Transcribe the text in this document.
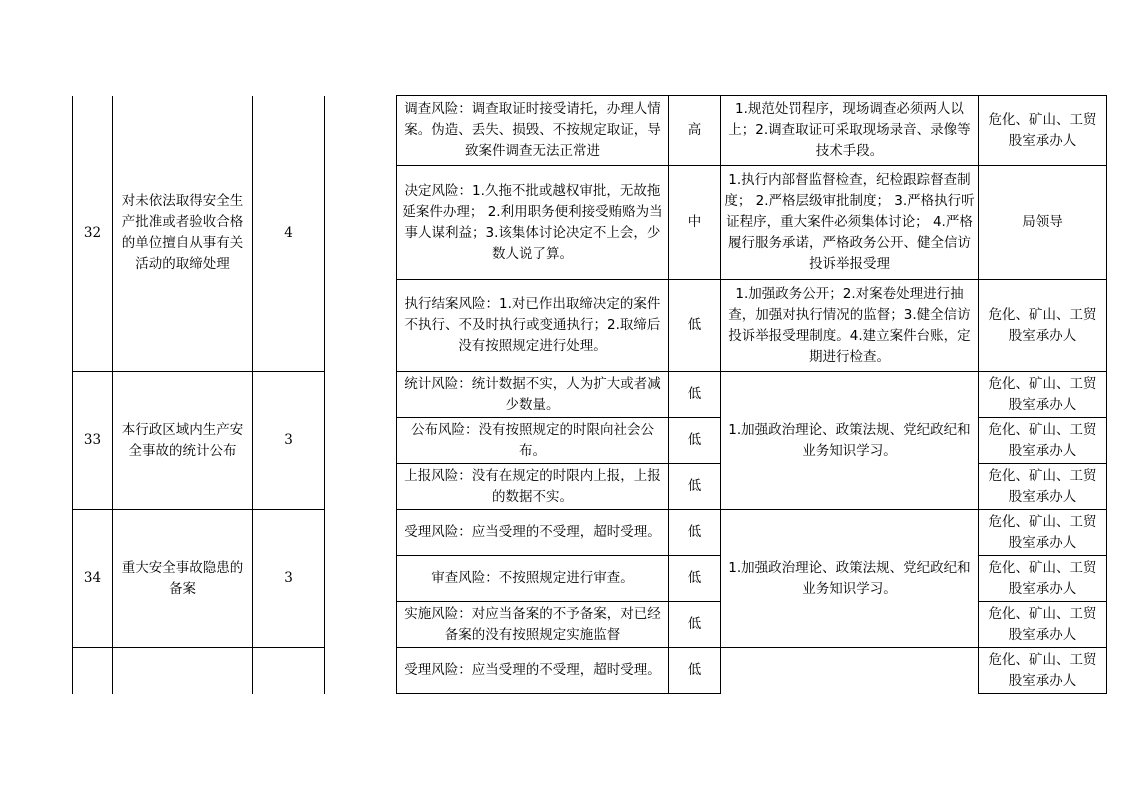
32	对未依法取得安全生产批准或者验收合格的单位擅自从事有关活动的取缔处理	4		调查风险：调查取证时接受请托，办理人情案。伪造、丢失、损毁、不按规定取证，导致案件调查无法正常进	高	1.规范处罚程序，现场调查必须两人以上；2.调查取证可采取现场录音、录像等技术手段。	危化、矿山、工贸股室承办人
				决定风险：1.久拖不批或越权审批，无故拖延案件办理； 2.利用职务便利接受贿赂为当事人谋利益；3.该集体讨论决定不上会，少数人说了算。	中	1.执行内部督监督检查，纪检跟踪督查制度； 2.严格层级审批制度； 3.严格执行听证程序，重大案件必须集体讨论； 4.严格履行服务承诺，严格政务公开、健全信访投诉举报受理	局领导
				执行结案风险：1.对已作出取缔决定的案件不执行、不及时执行或变通执行；2.取缔后没有按照规定进行处理。	低	1.加强政务公开；2.对案卷处理进行抽查，加强对执行情况的监督；3.健全信访投诉举报受理制度。4.建立案件台账，定期进行检查。	危化、矿山、工贸股室承办人
33	本行政区域内生产安全事故的统计公布	3		统计风险：统计数据不实，人为扩大或者减少数量。	低	1.加强政治理论、政策法规、党纪政纪和业务知识学习。	危化、矿山、工贸股室承办人
				公布风险：没有按照规定的时限向社会公布。	低		危化、矿山、工贸股室承办人
				上报风险：没有在规定的时限内上报，上报的数据不实。	低		危化、矿山、工贸股室承办人
34	重大安全事故隐患的备案	3		受理风险：应当受理的不受理，超时受理。	低	1.加强政治理论、政策法规、党纪政纪和业务知识学习。	危化、矿山、工贸股室承办人
				审查风险：不按照规定进行审查。	低		危化、矿山、工贸股室承办人
				实施风险：对应当备案的不予备案，对已经备案的没有按照规定实施监督	低		危化、矿山、工贸股室承办人
				受理风险：应当受理的不受理，超时受理。	低		危化、矿山、工贸股室承办人
